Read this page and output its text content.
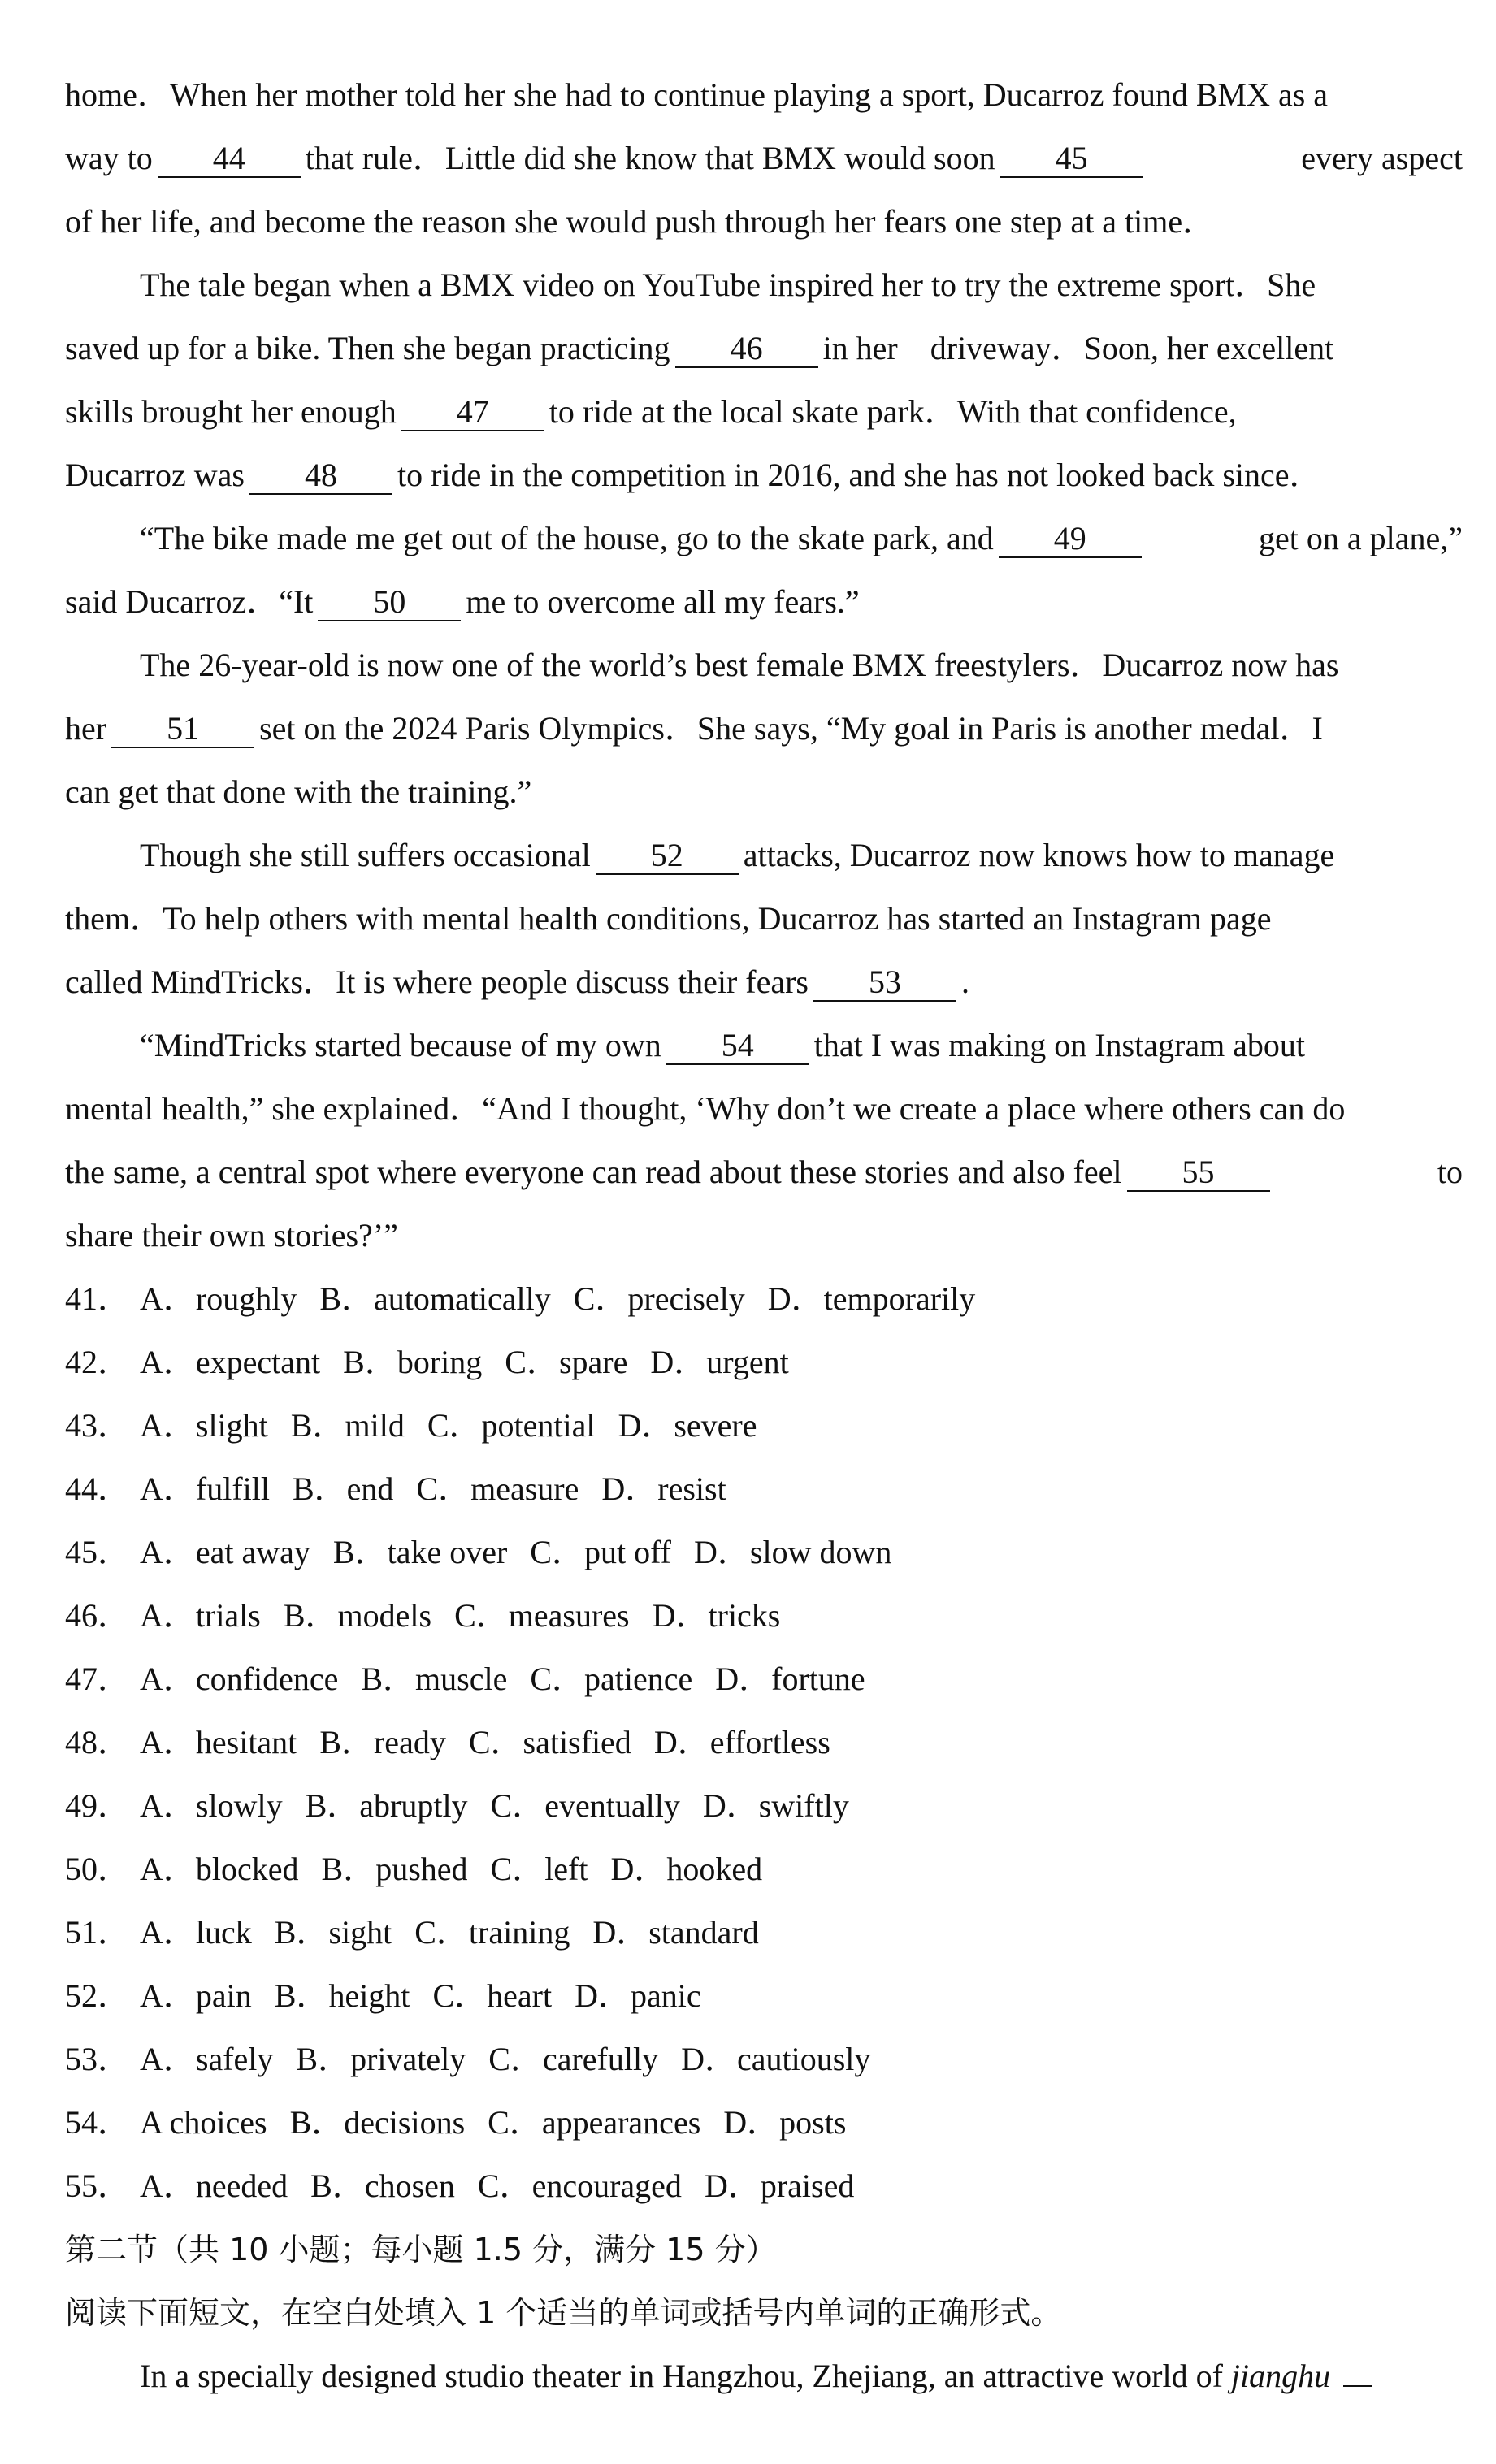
home．When her mother told her she had to continue playing a sport, Ducarroz found BMX as a
way to 44 that rule．Little did she know that BMX would soon 45	every aspect
of her life, and become the reason she would push through her fears one step at a time．
The tale began when a BMX video on YouTube inspired her to try the extreme sport．She
saved up for a bike. Then she began practicing 46 in her　driveway．Soon, her excellent
skills brought her enough 47 to ride at the local skate park．With that confidence,
Ducarroz was 48 to ride in the competition in 2016, and she has not looked back since．
“The bike made me get out of the house, go to the skate park, and 49	get on a plane,”
said Ducarroz．“It 50 me to overcome all my fears.”
The 26-year-old is now one of the world’s best female BMX freestylers．Ducarroz now has
her 51 set on the 2024 Paris Olympics．She says, “My goal in Paris is another medal．I
can get that done with the training.”
Though she still suffers occasional 52 attacks, Ducarroz now knows how to manage
them．To help others with mental health conditions, Ducarroz has started an Instagram page
called MindTricks．It is where people discuss their fears 53 .
“MindTricks started because of my own 54 that I was making on Instagram about
mental health,” she explained．“And I thought, ‘Why don’t we create a place where others can do
the same, a central spot where everyone can read about these stories and also feel 55	to
share their own stories?’”
41． A．roughly B．automatically C．precisely D．temporarily
42． A．expectant B．boring C．spare D．urgent
43． A．slight B．mild C．potential D．severe
44． A．fulfill B．end C．measure D．resist
45． A．eat away B．take over C．put off D．slow down
46． A．trials B．models C．measures D．tricks
47． A．confidence B．muscle C．patience D．fortune
48． A．hesitant B．ready C．satisfied D．effortless
49． A．slowly B．abruptly C．eventually D．swiftly
50． A．blocked B．pushed C．left D．hooked
51． A．luck B．sight C．training D．standard
52． A．pain B．height C．heart D．panic
53． A．safely B．privately C．carefully D．cautiously
54． A choices B．decisions C．appearances D．posts
55． A．needed B．chosen C．encouraged D．praised
第二节（共 10 小题；每小题 1.5 分，满分 15 分）
阅读下面短文，在空白处填入 1 个适当的单词或括号内单词的正确形式。
In a specially designed studio theater in Hangzhou, Zhejiang, an attractive world of jianghu
